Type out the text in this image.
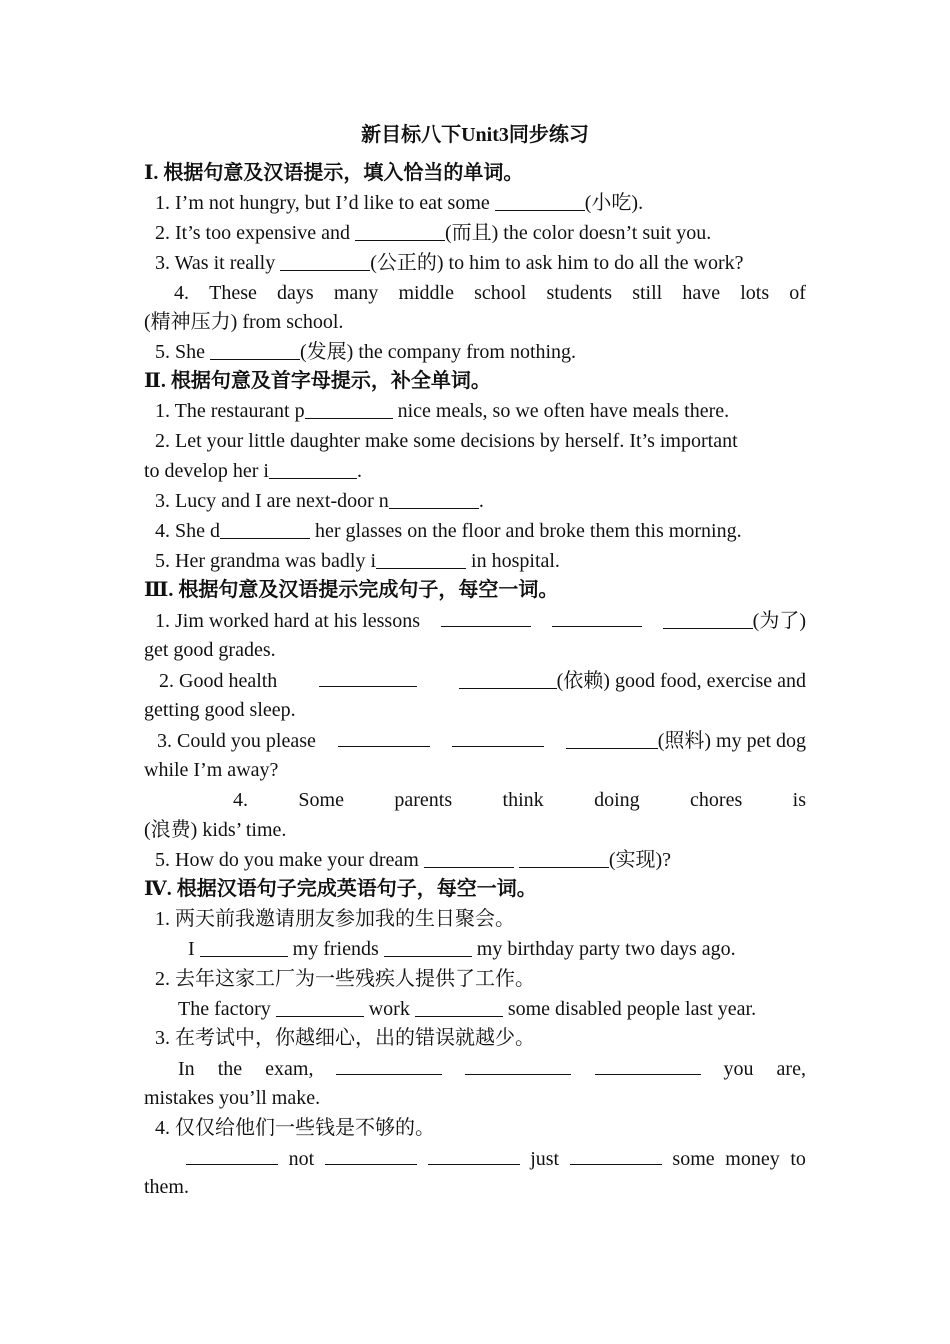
新目标八下Unit3同步练习
Ⅰ. 根据句意及汉语提示，填入恰当的单词。
1. I’m not hungry, but I’d like to eat some	(小吃).
2. It’s too expensive and	(而且) the color doesn’t suit you.
3. Was it really	(公正的) to him to ask him to do all the work?
4. These days many middle school students still have lots of
(精神压力) from school.
5. She	(发展) the company from nothing.
Ⅱ. 根据句意及首字母提示，补全单词。
1. The restaurant p	nice meals, so we often have meals there.
2. Let your little daughter make some decisions by herself. It’s important
to develop her i	.
3. Lucy and I are next-door n	.
4. She d	her glasses on the floor and broke them this morning.
5. Her grandma was badly i	in hospital.
Ⅲ. 根据句意及汉语提示完成句子，每空一词。
1. Jim worked hard at his lessons	(为了)
get good grades.
2. Good health	(依赖) good food, exercise and
getting good sleep.
3. Could you please	(照料) my pet dog
while I’m away?
4.	Some	parents	think	doing	chores	is
(浪费) kids’ time.
5. How do you make your dream	(实现)?
Ⅳ. 根据汉语句子完成英语句子，每空一词。
1. 两天前我邀请朋友参加我的生日聚会。
I	my friends	my birthday party two days ago.
2. 去年这家工厂为一些残疾人提供了工作。
The factory	work	some disabled people last year.
3. 在考试中，你越细心，出的错误就越少。
In the exam,	you are,
mistakes you’ll make.
4. 仅仅给他们一些钱是不够的。
not	just	some money to
them.
